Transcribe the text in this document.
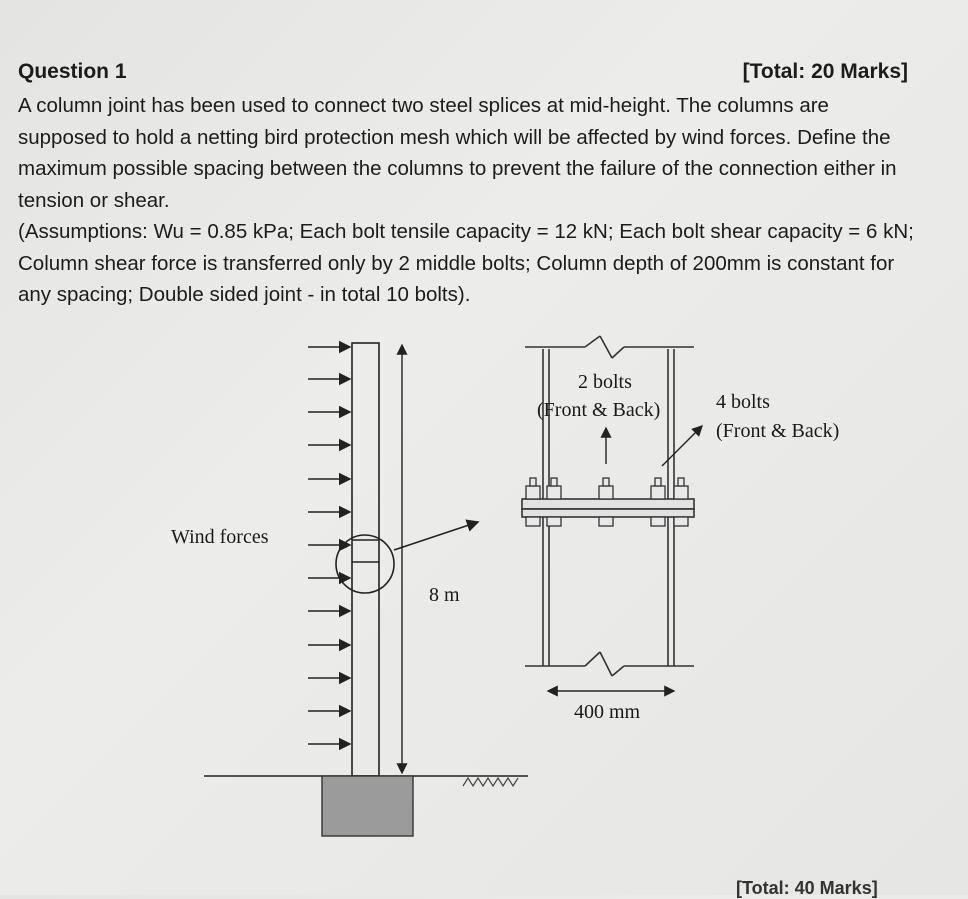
Question 1	[Total: 20 Marks]

A column joint has been used to connect two steel splices at mid-height. The columns are supposed to hold a netting bird protection mesh which will be affected by wind forces. Define the maximum possible spacing between the columns to prevent the failure of the connection either in tension or shear.

(Assumptions: Wu = 0.85 kPa; Each bolt tensile capacity = 12 kN; Each bolt shear capacity = 6 kN; Column shear force is transferred only by 2 middle bolts; Column depth of 200mm is constant for any spacing; Double sided joint - in total 10 bolts).

8 m
Wind forces
2 bolts
(Front & Back)	4 bolts
(Front & Back)
400 mm
[Total: 40 Marks]
